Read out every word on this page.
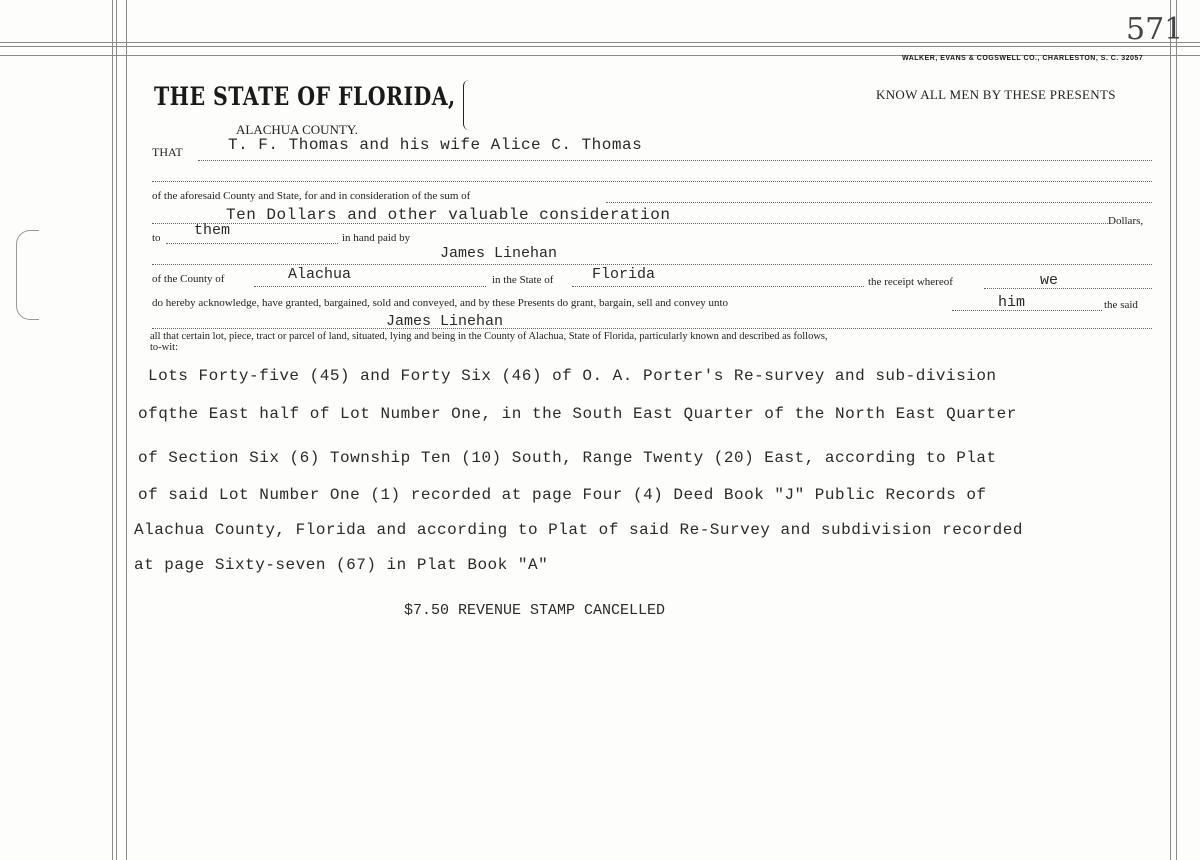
571
WALKER, EVANS & COGSWELL CO., CHARLESTON, S. C. 32057
THE STATE OF FLORIDA,	KNOW ALL MEN BY THESE PRESENTS
ALACHUA COUNTY.
THAT	T. F. Thomas and his wife Alice C. Thomas
of the aforesaid County and State, for and in consideration of the sum of
Ten Dollars and other valuable consideration	Dollars,
to them	in hand paid by
James Linehan
of the County of	Alachua	in the State of	Florida	the receipt whereof	we
do hereby acknowledge, have granted, bargained, sold and conveyed, and by these Presents do grant, bargain, sell and convey unto	him	the said
James Linehan
all that certain lot, piece, tract or parcel of land, situated, lying and being in the County of Alachua, State of Florida, particularly known and described as follows,
to-wit:
Lots Forty-five (45) and Forty Six (46) of O. A. Porter's Re-survey and sub-division
ofqthe East half of Lot Number One, in the South East Quarter of the North East Quarter
of Section Six (6) Township Ten (10) South, Range Twenty (20) East, according to Plat
of said Lot Number One (1) recorded at page Four (4) Deed Book "J" Public Records of
Alachua County, Florida and according to Plat of said Re-Survey and subdivision recorded
at page Sixty-seven (67) in Plat Book "A"
$7.50 REVENUE STAMP CANCELLED
